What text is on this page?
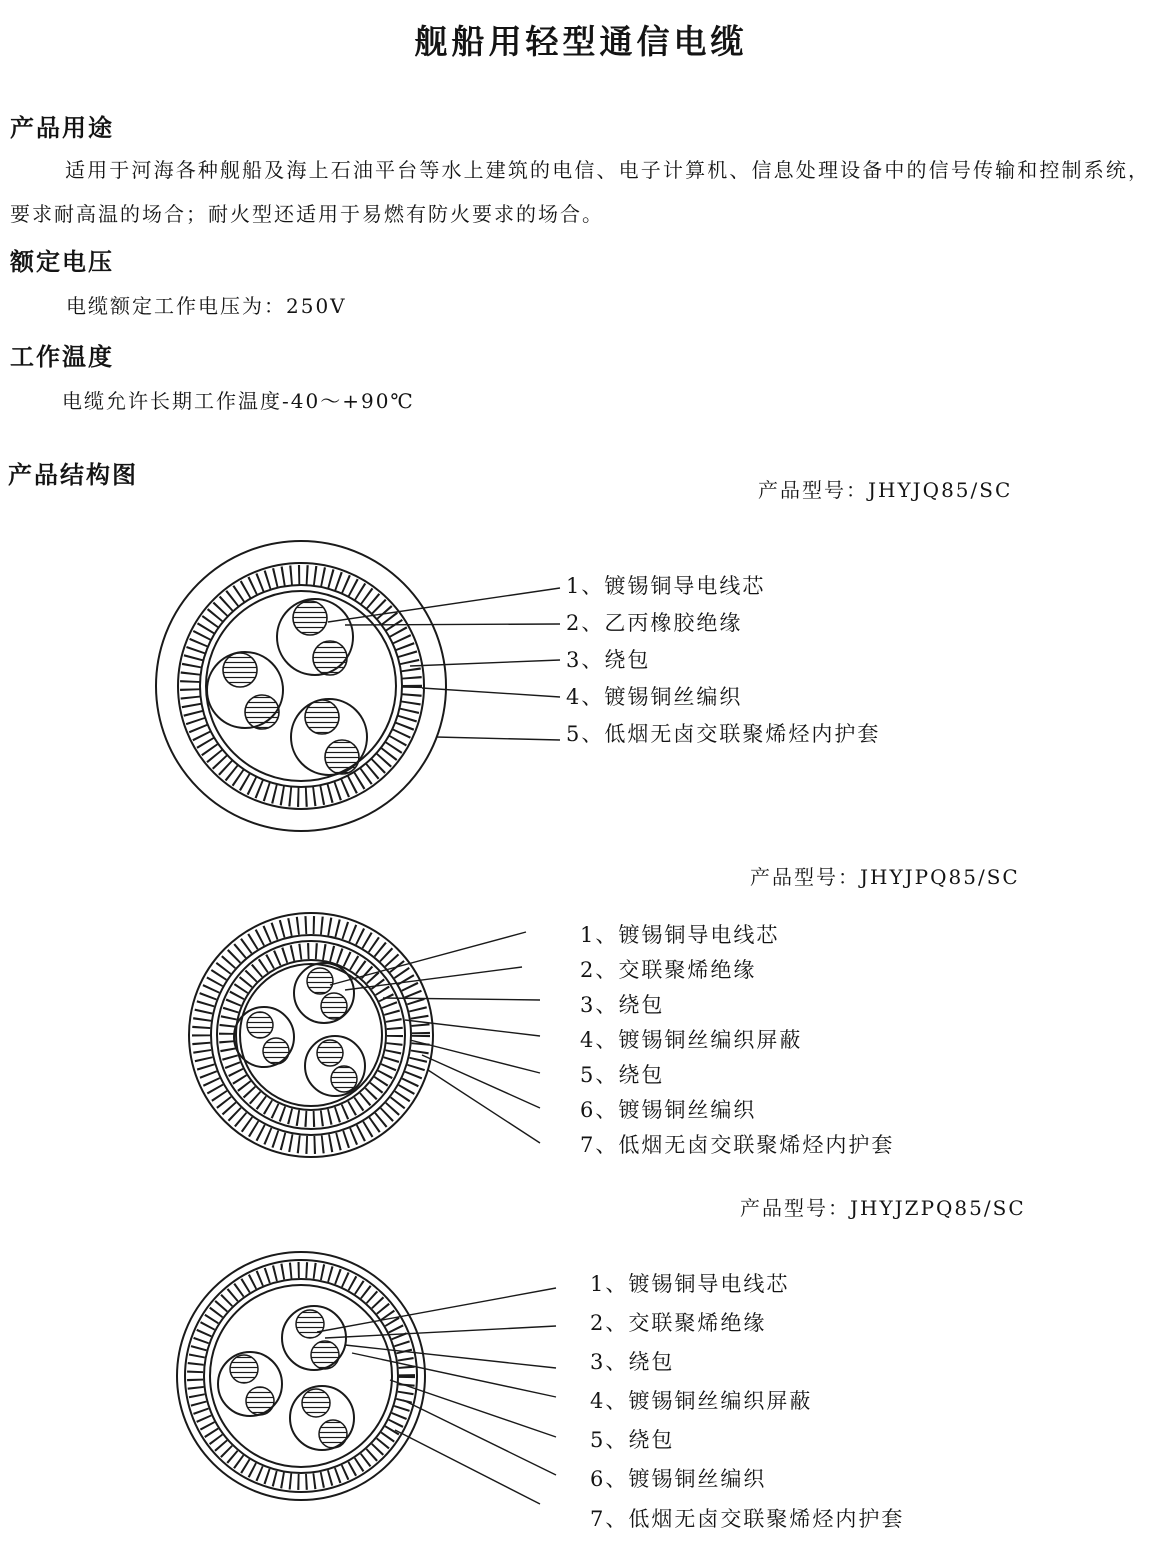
舰船用轻型通信电缆
产品用途
适用于河海各种舰船及海上石油平台等水上建筑的电信、电子计算机、信息处理设备中的信号传输和控制系统，要求耐高温的场合；耐火型还适用于易燃有防火要求的场合。
额定电压
电缆额定工作电压为：250V
工作温度
电缆允许长期工作温度-40～+90℃
产品结构图
产品型号：JHYJQ85/SC
产品型号：JHYJPQ85/SC
产品型号：JHYJZPQ85/SC
1、镀锡铜导电线芯
2、乙丙橡胶绝缘
3、绕包
4、镀锡铜丝编织
5、低烟无卤交联聚烯烃内护套
1、镀锡铜导电线芯
2、交联聚烯绝缘
3、绕包
4、镀锡铜丝编织屏蔽
5、绕包
6、镀锡铜丝编织
7、低烟无卤交联聚烯烃内护套
1、镀锡铜导电线芯
2、交联聚烯绝缘
3、绕包
4、镀锡铜丝编织屏蔽
5、绕包
6、镀锡铜丝编织
7、低烟无卤交联聚烯烃内护套
